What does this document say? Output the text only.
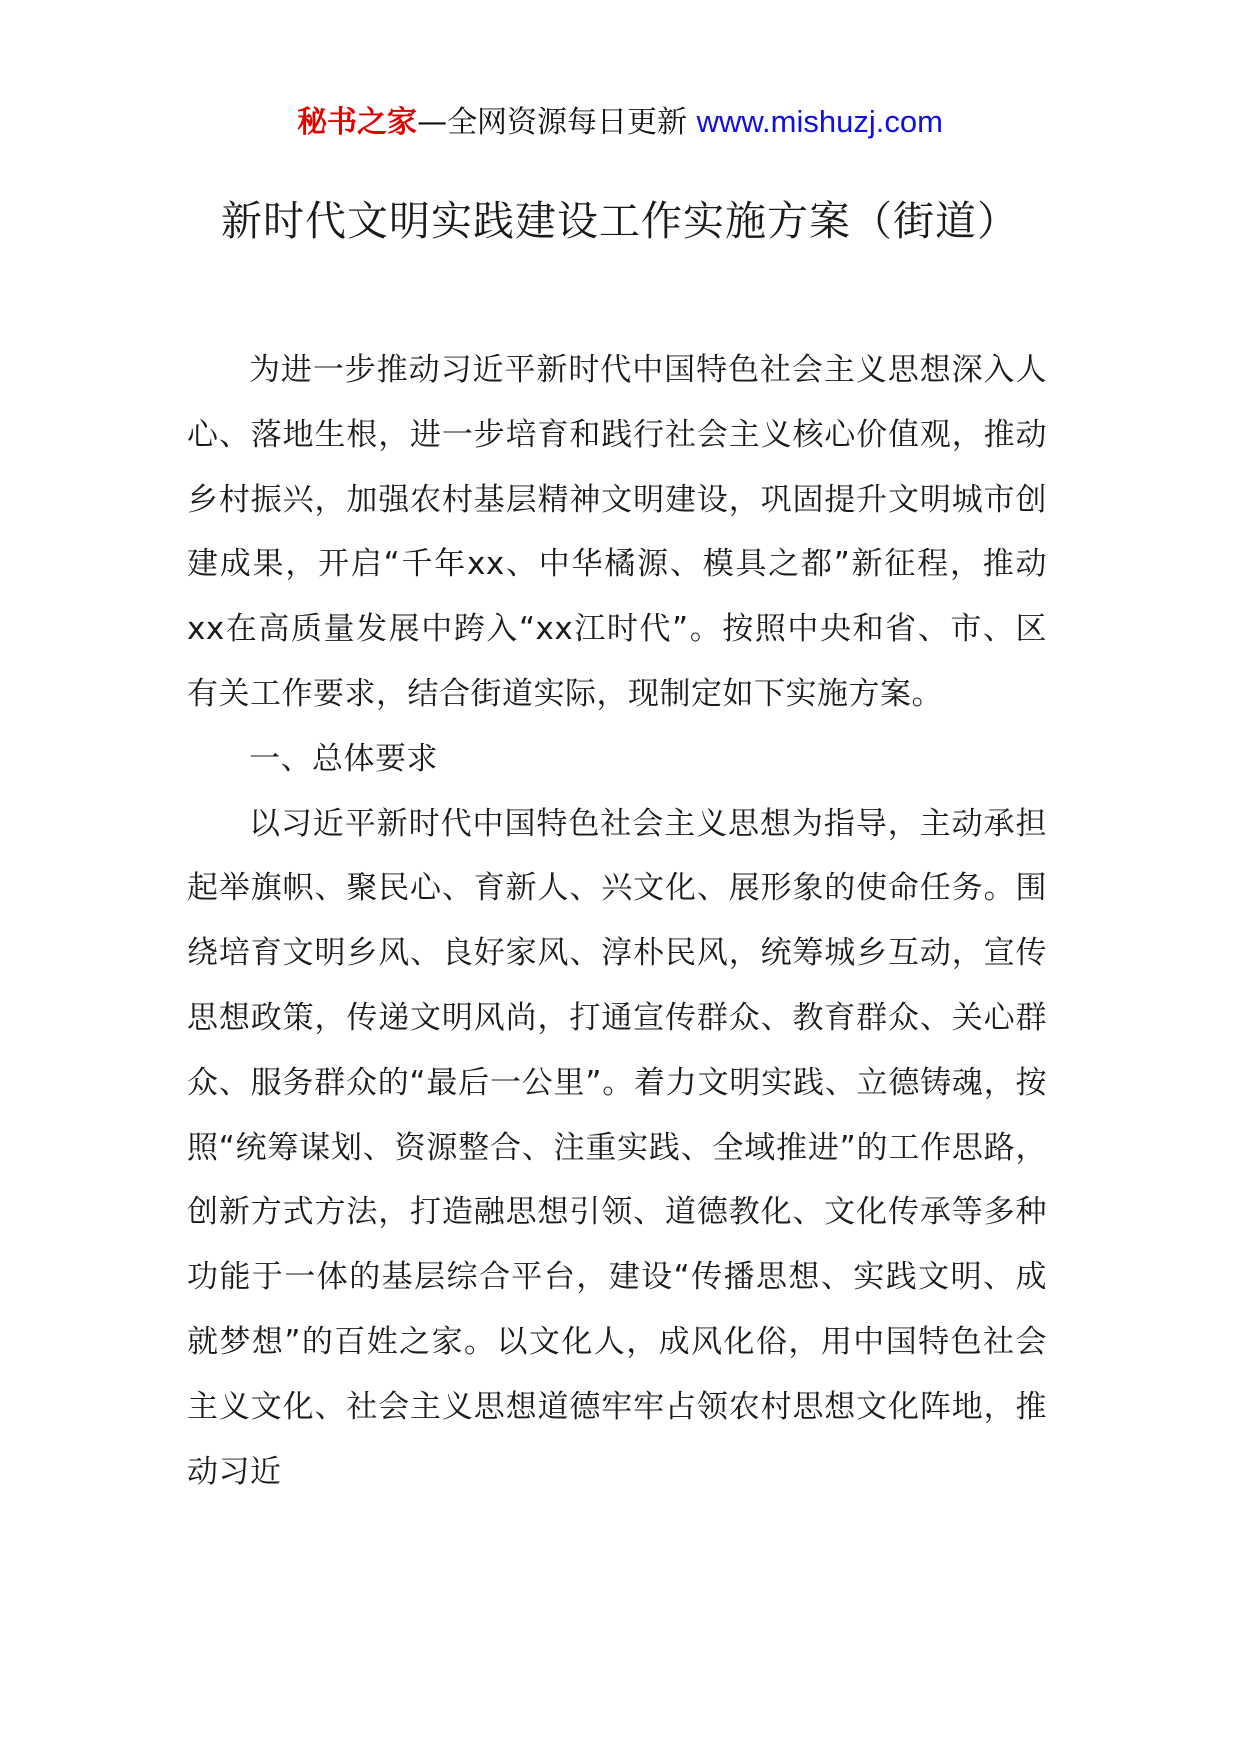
秘书之家—全网资源每日更新 www.mishuzj.com
新时代文明实践建设工作实施方案（街道）

为进一步推动习近平新时代中国特色社会主义思想深入人心、落地生根，进一步培育和践行社会主义核心价值观，推动乡村振兴，加强农村基层精神文明建设，巩固提升文明城市创建成果，开启“千年xx、中华橘源、模具之都”新征程，推动xx在高质量发展中跨入“xx江时代”。按照中央和省、市、区有关工作要求，结合街道实际，现制定如下实施方案。

一、总体要求

以习近平新时代中国特色社会主义思想为指导，主动承担起举旗帜、聚民心、育新人、兴文化、展形象的使命任务。围绕培育文明乡风、良好家风、淳朴民风，统筹城乡互动，宣传思想政策，传递文明风尚，打通宣传群众、教育群众、关心群众、服务群众的“最后一公里”。着力文明实践、立德铸魂，按照“统筹谋划、资源整合、注重实践、全域推进”的工作思路，创新方式方法，打造融思想引领、道德教化、文化传承等多种功能于一体的基层综合平台，建设“传播思想、实践文明、成就梦想”的百姓之家。以文化人，成风化俗，用中国特色社会主义文化、社会主义思想道德牢牢占领农村思想文化阵地，推动习近
